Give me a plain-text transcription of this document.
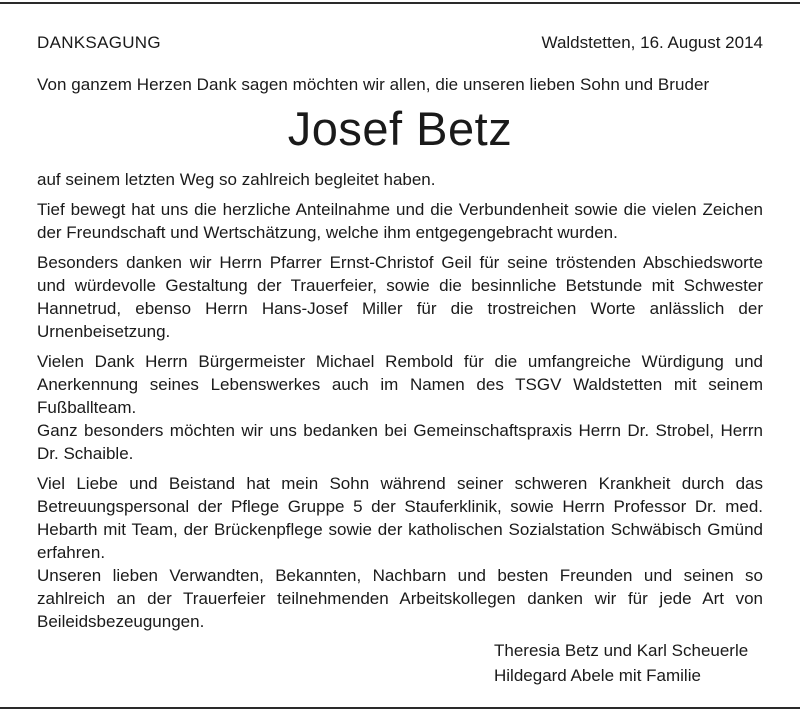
DANKSAGUNG	Waldstetten, 16. August 2014
Von ganzem Herzen Dank sagen möchten wir allen, die unseren lieben Sohn und Bruder
Josef Betz

auf seinem letzten Weg so zahlreich begleitet haben.

Tief bewegt hat uns die herzliche Anteilnahme und die Verbundenheit sowie die vielen Zeichen der Freundschaft und Wertschätzung, welche ihm entgegengebracht wurden.

Besonders danken wir Herrn Pfarrer Ernst-Christof Geil für seine tröstenden Abschiedsworte und würdevolle Gestaltung der Trauerfeier, sowie die besinnliche Betstunde mit Schwester Hannetrud, ebenso Herrn Hans-Josef Miller für die trostreichen Worte anlässlich der Urnenbeisetzung.

Vielen Dank Herrn Bürgermeister Michael Rembold für die umfangreiche Würdigung und Anerkennung seines Lebenswerkes auch im Namen des TSGV Waldstetten mit seinem Fußballteam.

Ganz besonders möchten wir uns bedanken bei Gemeinschaftspraxis Herrn Dr. Strobel, Herrn Dr. Schaible.

Viel Liebe und Beistand hat mein Sohn während seiner schweren Krankheit durch das Betreuungspersonal der Pflege Gruppe 5 der Stauferklinik, sowie Herrn Professor Dr. med. Hebarth mit Team, der Brückenpflege sowie der katholischen Sozialstation Schwäbisch Gmünd erfahren.

Unseren lieben Verwandten, Bekannten, Nachbarn und besten Freunden und seinen so zahlreich an der Trauerfeier teilnehmenden Arbeitskollegen danken wir für jede Art von Beileidsbezeugungen.

Theresia Betz und Karl Scheuerle
Hildegard Abele mit Familie
